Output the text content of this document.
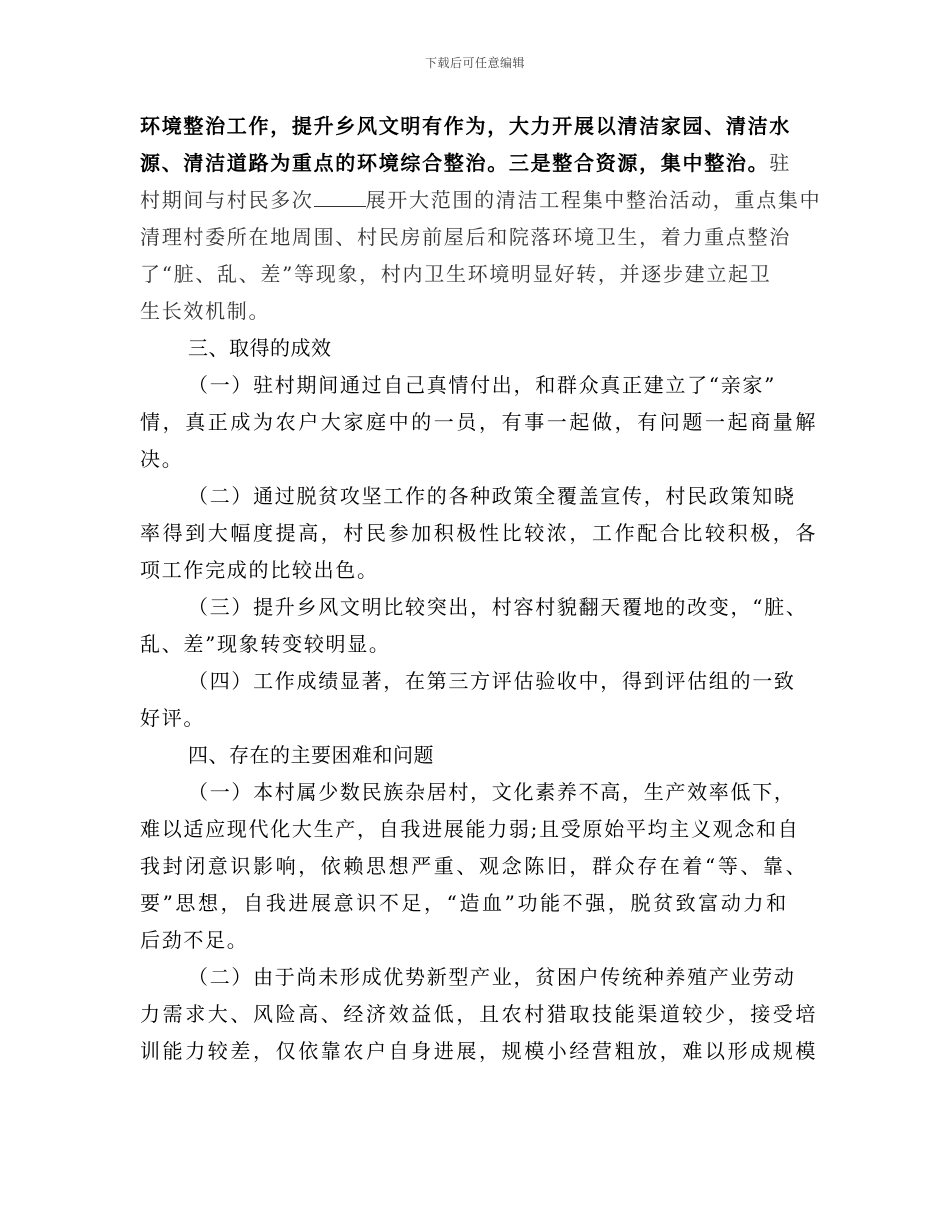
下载后可任意编辑
环境整治工作，提升乡风文明有作为，大力开展以清洁家园、清洁水
源、清洁道路为重点的环境综合整治。三是整合资源，集中整治。驻
村期间与村民多次	展开大范围的清洁工程集中整治活动，重点集中
清理村委所在地周围、村民房前屋后和院落环境卫生，着力重点整治
了“脏、乱、差”等现象，村内卫生环境明显好转，并逐步建立起卫
生长效机制。
三、取得的成效
（一）驻村期间通过自己真情付出，和群众真正建立了“亲家”
情，真正成为农户大家庭中的一员，有事一起做，有问题一起商量解
决。
（二）通过脱贫攻坚工作的各种政策全覆盖宣传，村民政策知晓
率得到大幅度提高，村民参加积极性比较浓，工作配合比较积极，各
项工作完成的比较出色。
（三）提升乡风文明比较突出，村容村貌翻天覆地的改变，“脏、
乱、差”现象转变较明显。
（四）工作成绩显著，在第三方评估验收中，得到评估组的一致
好评。
四、存在的主要困难和问题
（一）本村属少数民族杂居村，文化素养不高，生产效率低下，
难以适应现代化大生产，自我进展能力弱;且受原始平均主义观念和自
我封闭意识影响，依赖思想严重、观念陈旧，群众存在着“等、靠、
要”思想，自我进展意识不足，“造血”功能不强，脱贫致富动力和
后劲不足。
（二）由于尚未形成优势新型产业，贫困户传统种养殖产业劳动
力需求大、风险高、经济效益低，且农村猎取技能渠道较少，接受培
训能力较差，仅依靠农户自身进展，规模小经营粗放，难以形成规模
